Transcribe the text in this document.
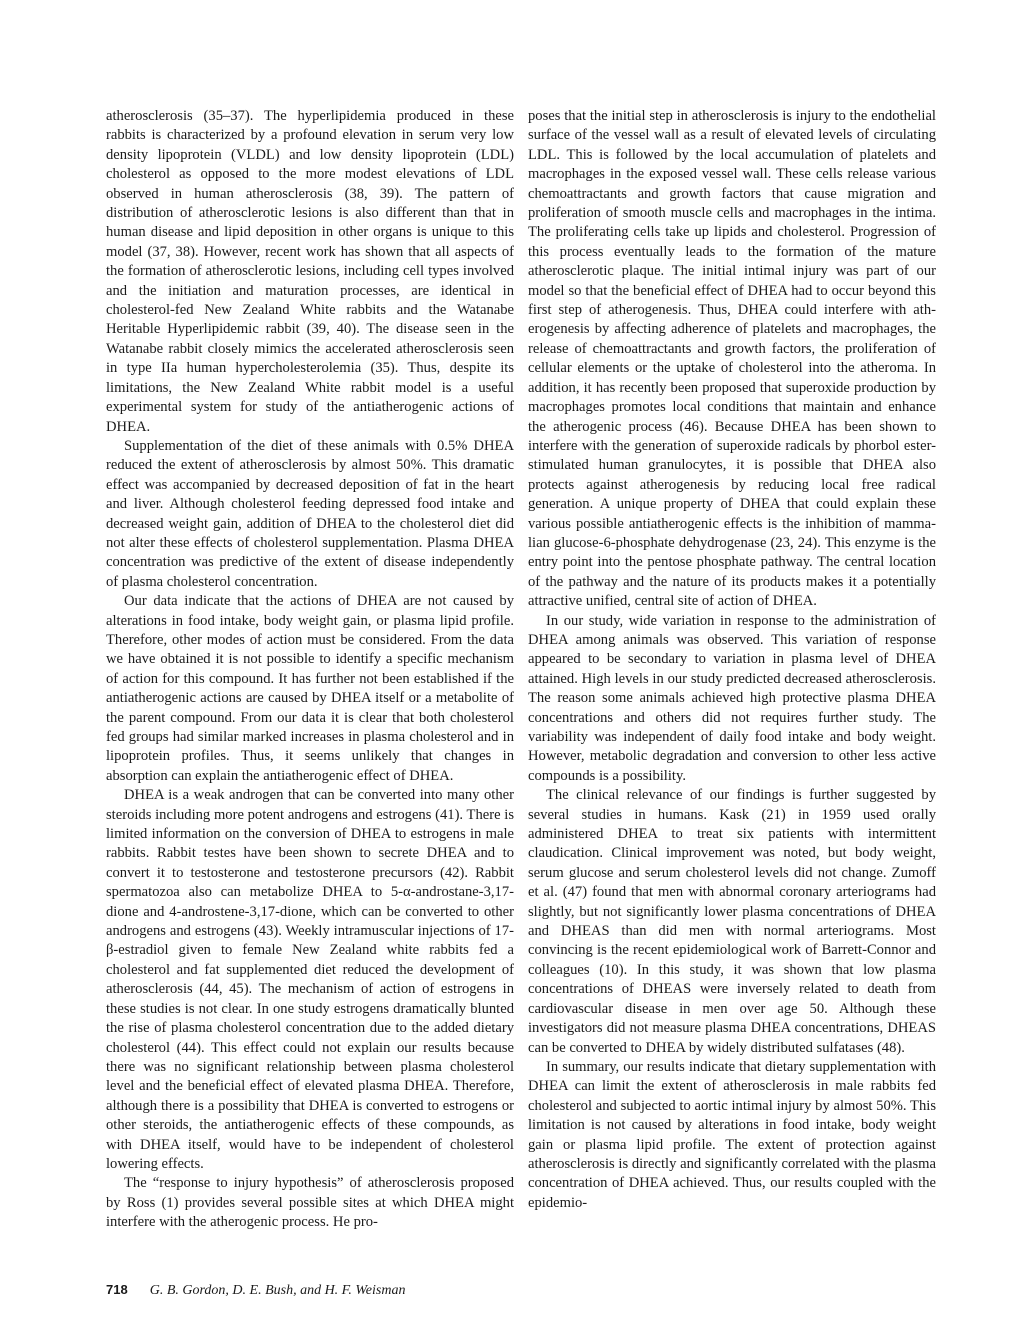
atherosclerosis (35–37). The hyperlipidemia produced in these rabbits is characterized by a profound elevation in serum very low density lipoprotein (VLDL) and low density lipoprotein (LDL) cholesterol as opposed to the more modest elevations of LDL observed in human atherosclerosis (38, 39). The pattern of distribution of atherosclerotic lesions is also different than that in human disease and lipid deposition in other organs is unique to this model (37, 38). However, recent work has shown that all aspects of the formation of atherosclerotic lesions, including cell types involved and the initiation and maturation processes, are identical in cholesterol-fed New Zealand White rabbits and the Watanabe Heritable Hyperlipidemic rabbit (39, 40). The disease seen in the Watanabe rabbit closely mimics the accelerated atherosclerosis seen in type IIa human hypercholesterolemia (35). Thus, despite its limitations, the New Zealand White rabbit model is a useful experimental system for study of the antiatherogenic actions of DHEA.

Supplementation of the diet of these animals with 0.5% DHEA reduced the extent of atherosclerosis by almost 50%. This dramatic effect was accompanied by decreased deposition of fat in the heart and liver. Although cholesterol feeding depressed food intake and decreased weight gain, addition of DHEA to the cholesterol diet did not alter these effects of cholesterol supplementation. Plasma DHEA concentration was predictive of the extent of disease independently of plasma cholesterol concentration.

Our data indicate that the actions of DHEA are not caused by alterations in food intake, body weight gain, or plasma lipid profile. Therefore, other modes of action must be considered. From the data we have obtained it is not possible to identify a specific mechanism of action for this compound. It has further not been established if the antiatherogenic actions are caused by DHEA itself or a metabolite of the parent compound. From our data it is clear that both cholesterol fed groups had similar marked increases in plasma cholesterol and in lipoprotein profiles. Thus, it seems unlikely that changes in absorption can explain the antiatherogenic effect of DHEA.

DHEA is a weak androgen that can be converted into many other steroids including more potent androgens and estrogens (41). There is limited information on the conversion of DHEA to estrogens in male rabbits. Rabbit testes have been shown to secrete DHEA and to convert it to testosterone and testosterone precursors (42). Rabbit spermatozoa also can metabolize DHEA to 5-α-androstane-3,17-dione and 4-androstene-3,17-dione, which can be converted to other androgens and estrogens (43). Weekly intramuscular injections of 17-β-estradiol given to female New Zealand white rabbits fed a cholesterol and fat supplemented diet reduced the development of atherosclerosis (44, 45). The mechanism of action of estrogens in these studies is not clear. In one study estrogens dramatically blunted the rise of plasma cholesterol concentration due to the added dietary cholesterol (44). This effect could not explain our results because there was no significant relationship between plasma cholesterol level and the beneficial effect of elevated plasma DHEA. Therefore, although there is a possibility that DHEA is converted to estrogens or other steroids, the antiatherogenic effects of these compounds, as with DHEA itself, would have to be independent of cholesterol lowering effects.

The “response to injury hypothesis” of atherosclerosis proposed by Ross (1) provides several possible sites at which DHEA might interfere with the atherogenic process. He pro-

poses that the initial step in atherosclerosis is injury to the endothelial surface of the vessel wall as a result of elevated levels of circulating LDL. This is followed by the local accumulation of platelets and macrophages in the exposed vessel wall. These cells release various chemoattractants and growth factors that cause migration and proliferation of smooth muscle cells and macrophages in the intima. The proliferating cells take up lipids and cholesterol. Progression of this process eventually leads to the formation of the mature atherosclerotic plaque. The initial intimal injury was part of our model so that the beneficial effect of DHEA had to occur beyond this first step of atherogenesis. Thus, DHEA could interfere with atherogenesis by affecting adherence of platelets and macrophages, the release of chemoattractants and growth factors, the proliferation of cellular elements or the uptake of cholesterol into the atheroma. In addition, it has recently been proposed that superoxide production by macrophages promotes local conditions that maintain and enhance the atherogenic process (46). Because DHEA has been shown to interfere with the generation of superoxide radicals by phorbol ester-stimulated human granulocytes, it is possible that DHEA also protects against atherogenesis by reducing local free radical generation. A unique property of DHEA that could explain these various possible antiatherogenic effects is the inhibition of mammalian glucose-6-phosphate dehydrogenase (23, 24). This enzyme is the entry point into the pentose phosphate pathway. The central location of the pathway and the nature of its products makes it a potentially attractive unified, central site of action of DHEA.

In our study, wide variation in response to the administration of DHEA among animals was observed. This variation of response appeared to be secondary to variation in plasma level of DHEA attained. High levels in our study predicted decreased atherosclerosis. The reason some animals achieved high protective plasma DHEA concentrations and others did not requires further study. The variability was independent of daily food intake and body weight. However, metabolic degradation and conversion to other less active compounds is a possibility.

The clinical relevance of our findings is further suggested by several studies in humans. Kask (21) in 1959 used orally administered DHEA to treat six patients with intermittent claudication. Clinical improvement was noted, but body weight, serum glucose and serum cholesterol levels did not change. Zumoff et al. (47) found that men with abnormal coronary arteriograms had slightly, but not significantly lower plasma concentrations of DHEA and DHEAS than did men with normal arteriograms. Most convincing is the recent epidemiological work of Barrett-Connor and colleagues (10). In this study, it was shown that low plasma concentrations of DHEAS were inversely related to death from cardiovascular disease in men over age 50. Although these investigators did not measure plasma DHEA concentrations, DHEAS can be converted to DHEA by widely distributed sulfatases (48).

In summary, our results indicate that dietary supplementation with DHEA can limit the extent of atherosclerosis in male rabbits fed cholesterol and subjected to aortic intimal injury by almost 50%. This limitation is not caused by alterations in food intake, body weight gain or plasma lipid profile. The extent of protection against atherosclerosis is directly and significantly correlated with the plasma concentration of DHEA achieved. Thus, our results coupled with the epidemio-

718 G. B. Gordon, D. E. Bush, and H. F. Weisman
